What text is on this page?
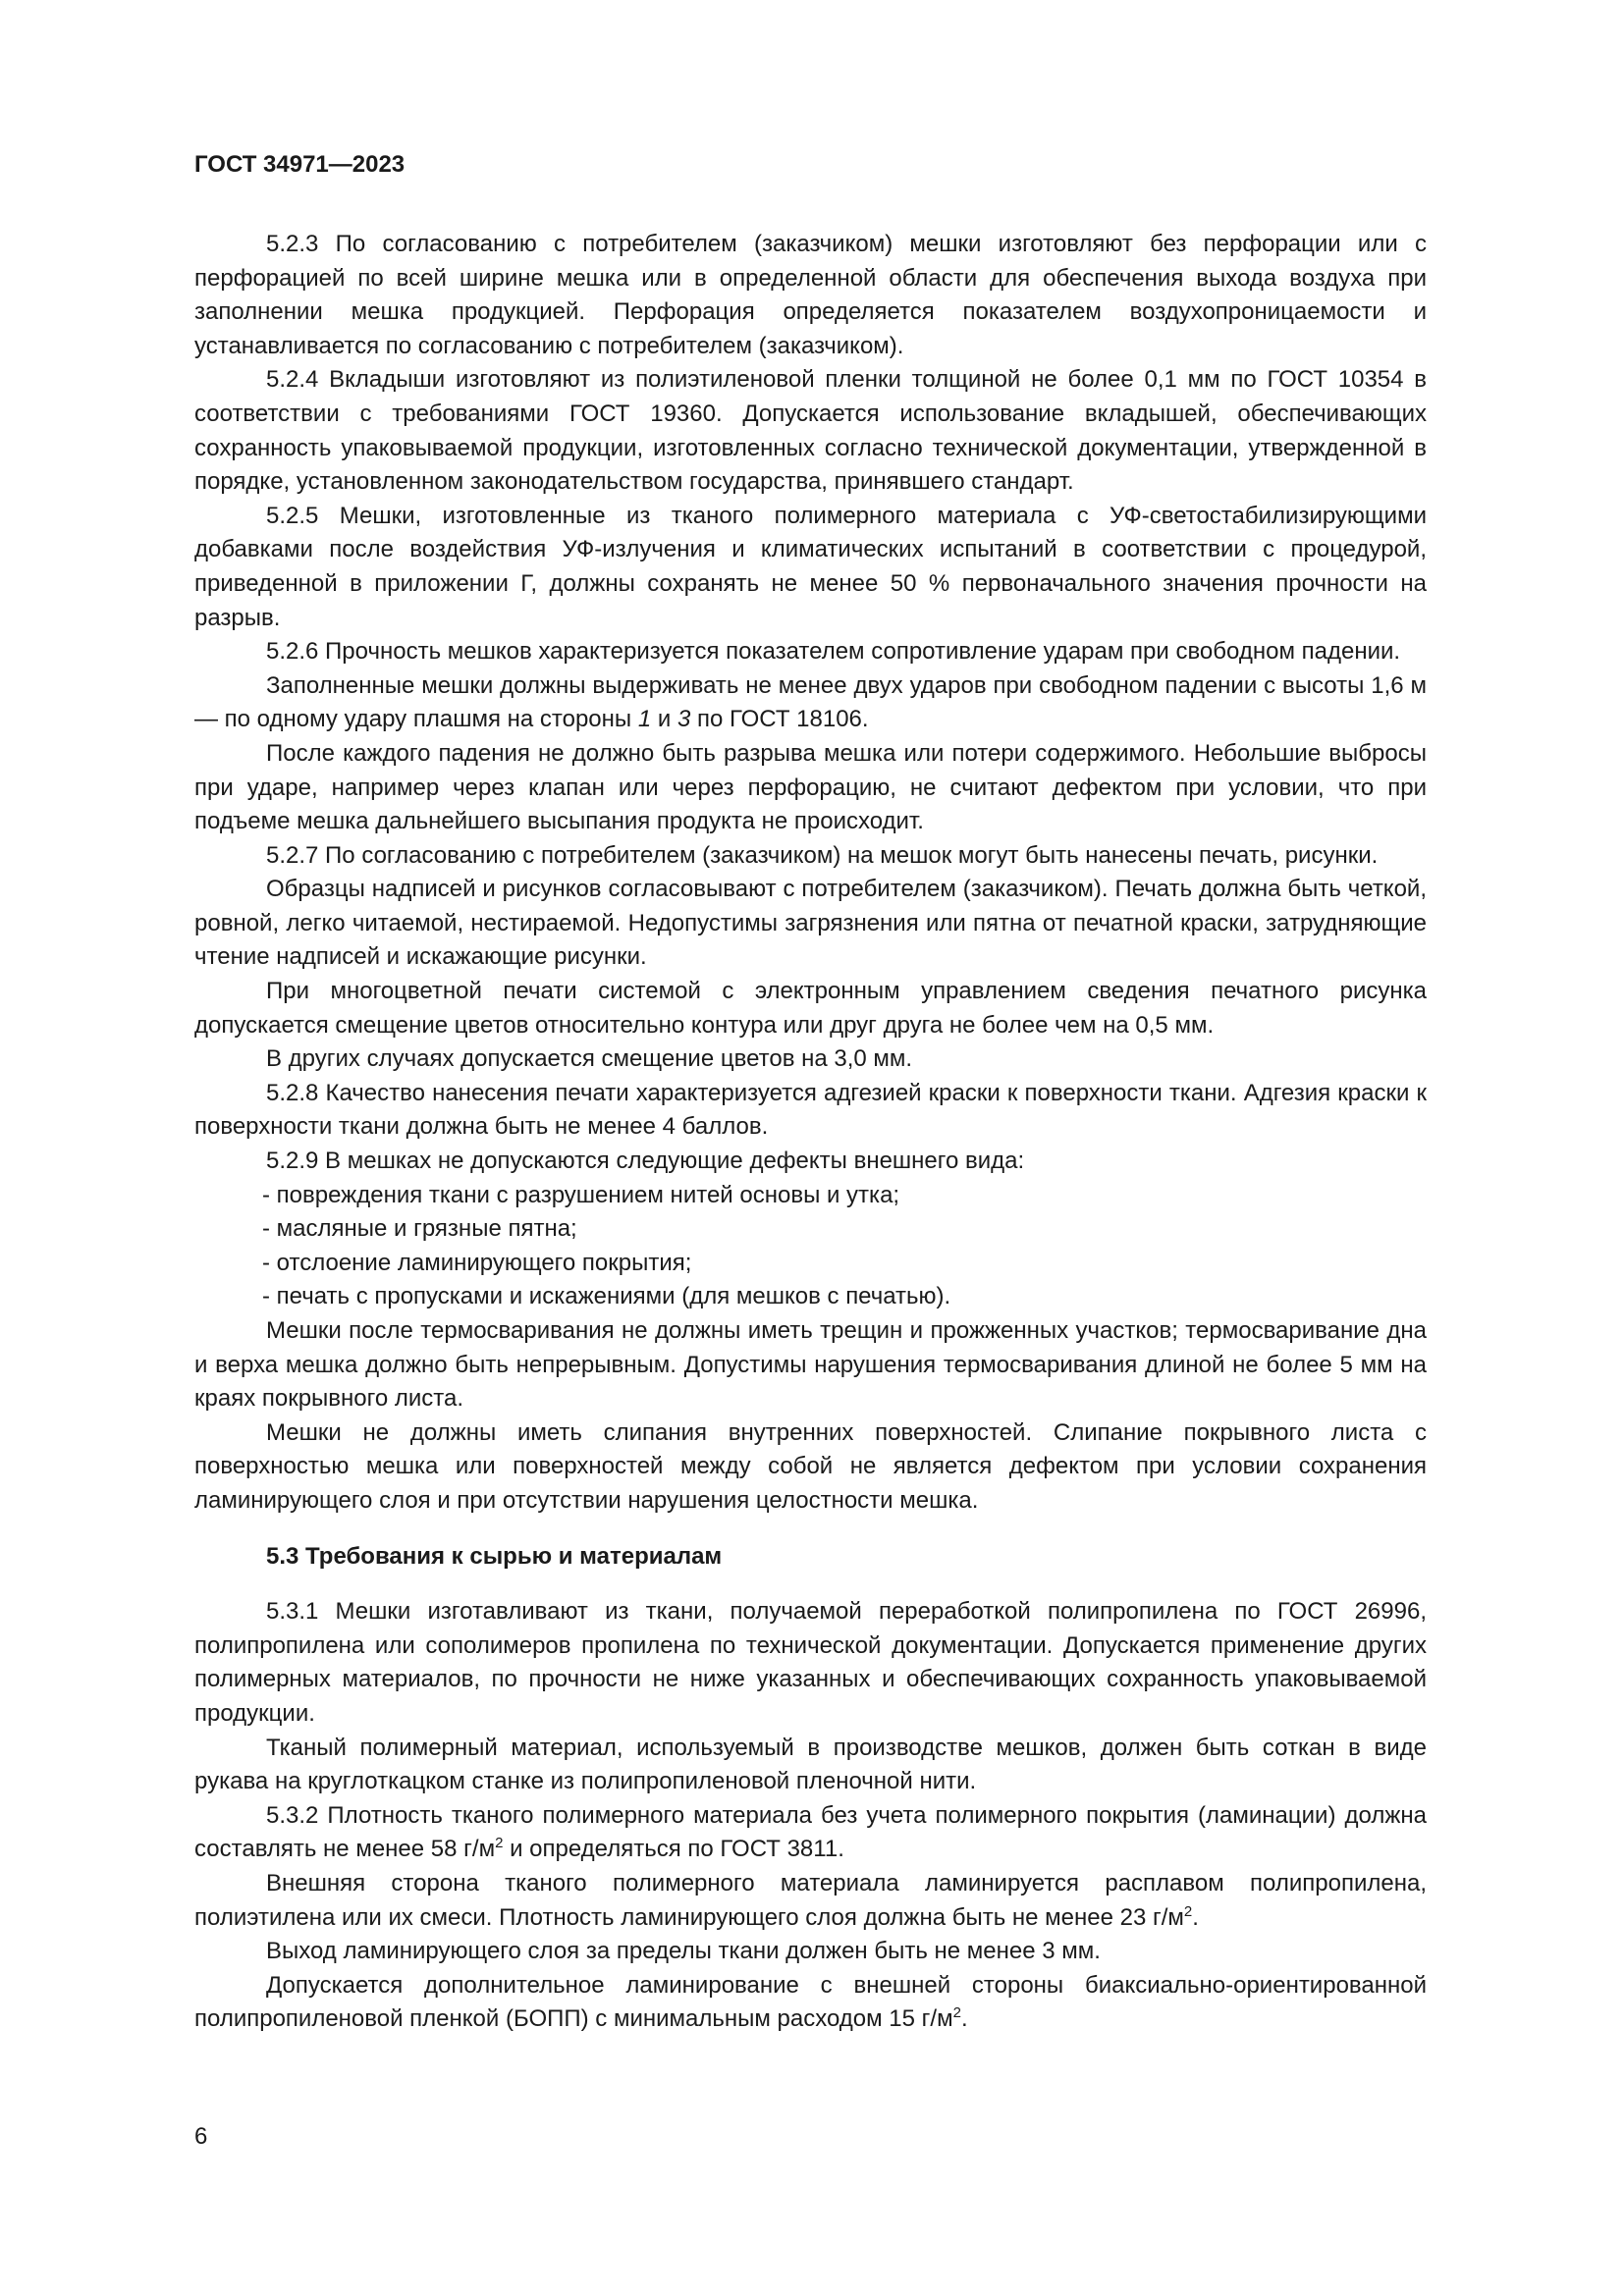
ГОСТ 34971—2023
5.2.3 По согласованию с потребителем (заказчиком) мешки изготовляют без перфорации или с перфорацией по всей ширине мешка или в определенной области для обеспечения выхода воздуха при заполнении мешка продукцией. Перфорация определяется показателем воздухопроницаемости и устанавливается по согласованию с потребителем (заказчиком).
5.2.4 Вкладыши изготовляют из полиэтиленовой пленки толщиной не более 0,1 мм по ГОСТ 10354 в соответствии с требованиями ГОСТ 19360. Допускается использование вкладышей, обеспечивающих сохранность упаковываемой продукции, изготовленных согласно технической документации, утвержденной в порядке, установленном законодательством государства, принявшего стандарт.
5.2.5 Мешки, изготовленные из тканого полимерного материала с УФ-светостабилизирующими добавками после воздействия УФ-излучения и климатических испытаний в соответствии с процедурой, приведенной в приложении Г, должны сохранять не менее 50 % первоначального значения прочности на разрыв.
5.2.6 Прочность мешков характеризуется показателем сопротивление ударам при свободном падении.
Заполненные мешки должны выдерживать не менее двух ударов при свободном падении с высоты 1,6 м — по одному удару плашмя на стороны 1 и 3 по ГОСТ 18106.
После каждого падения не должно быть разрыва мешка или потери содержимого. Небольшие выбросы при ударе, например через клапан или через перфорацию, не считают дефектом при условии, что при подъеме мешка дальнейшего высыпания продукта не происходит.
5.2.7 По согласованию с потребителем (заказчиком) на мешок могут быть нанесены печать, рисунки.
Образцы надписей и рисунков согласовывают с потребителем (заказчиком). Печать должна быть четкой, ровной, легко читаемой, нестираемой. Недопустимы загрязнения или пятна от печатной краски, затрудняющие чтение надписей и искажающие рисунки.
При многоцветной печати системой с электронным управлением сведения печатного рисунка допускается смещение цветов относительно контура или друг друга не более чем на 0,5 мм.
В других случаях допускается смещение цветов на 3,0 мм.
5.2.8 Качество нанесения печати характеризуется адгезией краски к поверхности ткани. Адгезия краски к поверхности ткани должна быть не менее 4 баллов.
5.2.9 В мешках не допускаются следующие дефекты внешнего вида:
- повреждения ткани с разрушением нитей основы и утка;
- масляные и грязные пятна;
- отслоение ламинирующего покрытия;
- печать с пропусками и искажениями (для мешков с печатью).
Мешки после термосваривания не должны иметь трещин и прожженных участков; термосваривание дна и верха мешка должно быть непрерывным. Допустимы нарушения термосваривания длиной не более 5 мм на краях покрывного листа.
Мешки не должны иметь слипания внутренних поверхностей. Слипание покрывного листа с поверхностью мешка или поверхностей между собой не является дефектом при условии сохранения ламинирующего слоя и при отсутствии нарушения целостности мешка.
5.3 Требования к сырью и материалам
5.3.1 Мешки изготавливают из ткани, получаемой переработкой полипропилена по ГОСТ 26996, полипропилена или сополимеров пропилена по технической документации. Допускается применение других полимерных материалов, по прочности не ниже указанных и обеспечивающих сохранность упаковываемой продукции.
Тканый полимерный материал, используемый в производстве мешков, должен быть соткан в виде рукава на круглоткацком станке из полипропиленовой пленочной нити.
5.3.2 Плотность тканого полимерного материала без учета полимерного покрытия (ламинации) должна составлять не менее 58 $г/м^2$ и определяться по ГОСТ 3811.
Внешняя сторона тканого полимерного материала ламинируется расплавом полипропилена, полиэтилена или их смеси. Плотность ламинирующего слоя должна быть не менее 23 $г/м^2$.
Выход ламинирующего слоя за пределы ткани должен быть не менее 3 мм.
Допускается дополнительное ламинирование с внешней стороны биаксиально-ориентированной полипропиленовой пленкой (БОПП) с минимальным расходом 15 $г/м^2$.
6
